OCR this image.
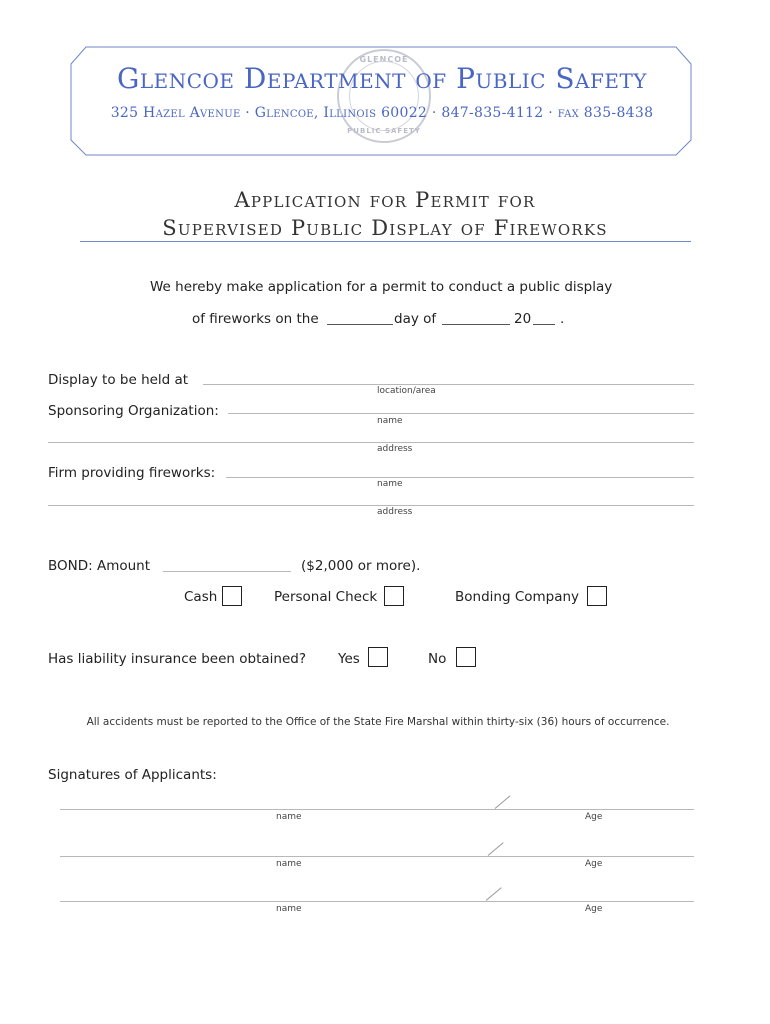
GLENCOE
PUBLIC SAFETY
Glencoe Department of Public Safety
325 Hazel Avenue · Glencoe, Illinois 60022 · 847-835-4112 · fax 835-8438
Application for Permit for
Supervised Public Display of Fireworks
We hereby make application for a permit to conduct a public display
of fireworks on the	day of	20 .
Display to be held at
location/area
Sponsoring Organization:
name
address
Firm providing fireworks:
name
address
BOND: Amount	($2,000 or more).
Cash	Personal Check	Bonding Company
Has liability insurance been obtained? Yes	No
All accidents must be reported to the Office of the State Fire Marshal within thirty-six (36) hours of occurrence.
Signatures of Applicants:
name	Age
name	Age
name	Age
